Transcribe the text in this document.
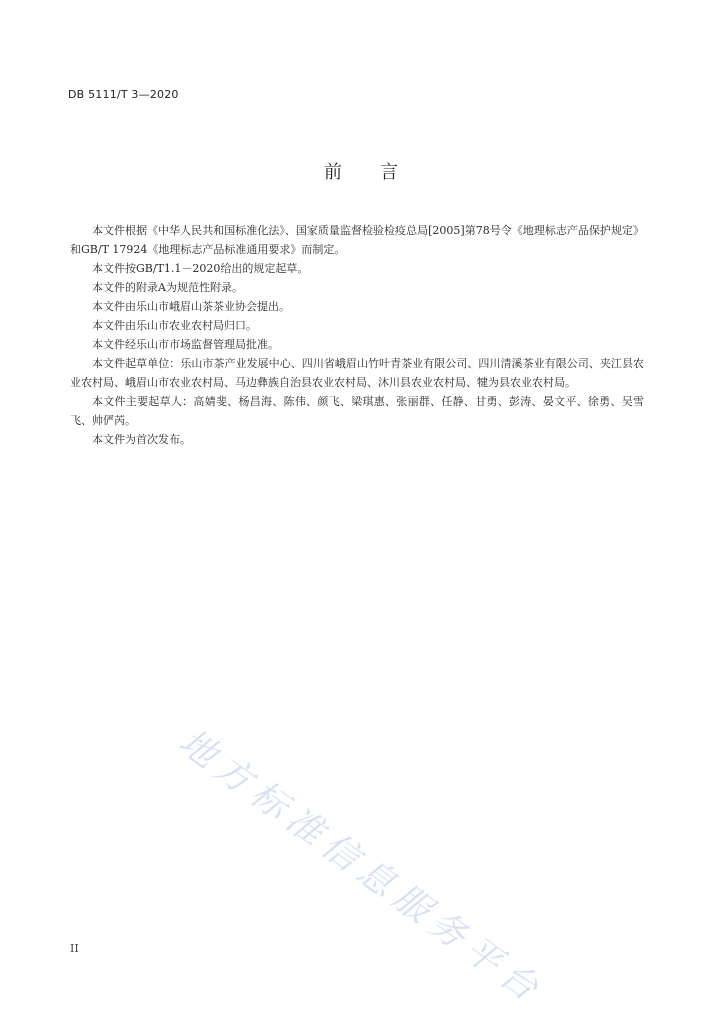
DB 5111/T 3—2020
前 言

本文件根据《中华人民共和国标准化法》、国家质量监督检验检疫总局[2005]第78号令《地理标志产品保护规定》和GB/T 17924《地理标志产品标准通用要求》而制定。

本文件按GB/T1.1－2020给出的规定起草。

本文件的附录A为规范性附录。

本文件由乐山市峨眉山茶茶业协会提出。

本文件由乐山市农业农村局归口。

本文件经乐山市市场监督管理局批准。

本文件起草单位：乐山市茶产业发展中心、四川省峨眉山竹叶青茶业有限公司、四川清溪茶业有限公司、夹江县农业农村局、峨眉山市农业农村局、马边彝族自治县农业农村局、沐川县农业农村局、犍为县农业农村局。

本文件主要起草人：高婧斐、杨昌海、陈伟、颜飞、梁琪惠、张丽群、任静、甘勇、彭涛、晏文平、徐勇、吴雪飞、帅俨芮。

本文件为首次发布。

地方标准信息服务平台
II
